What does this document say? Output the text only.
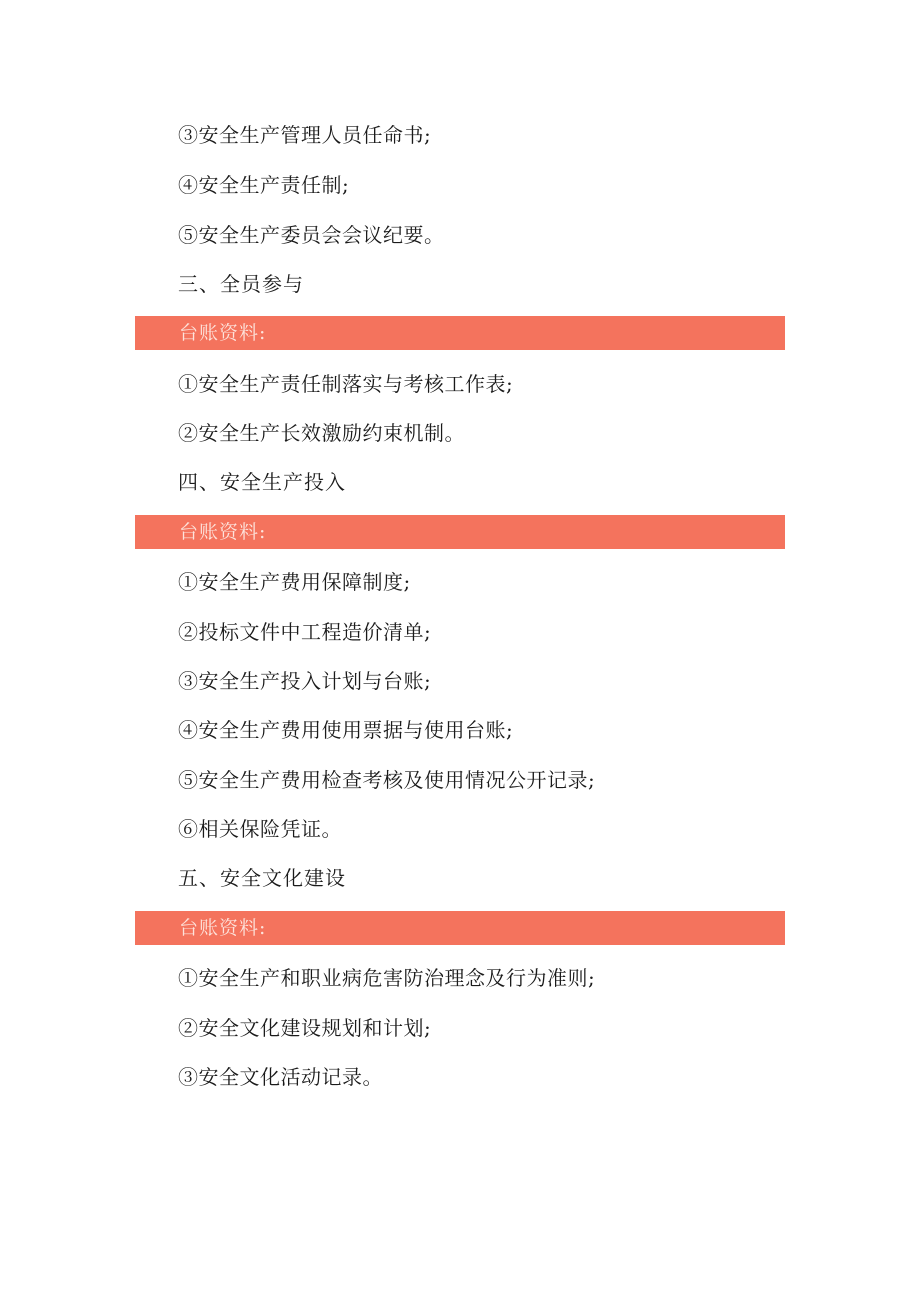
③安全生产管理人员任命书;
④安全生产责任制;
⑤安全生产委员会会议纪要。
三、全员参与
台账资料:
①安全生产责任制落实与考核工作表;
②安全生产长效激励约束机制。
四、安全生产投入
台账资料:
①安全生产费用保障制度;
②投标文件中工程造价清单;
③安全生产投入计划与台账;
④安全生产费用使用票据与使用台账;
⑤安全生产费用检查考核及使用情况公开记录;
⑥相关保险凭证。
五、安全文化建设
台账资料:
①安全生产和职业病危害防治理念及行为准则;
②安全文化建设规划和计划;
③安全文化活动记录。
